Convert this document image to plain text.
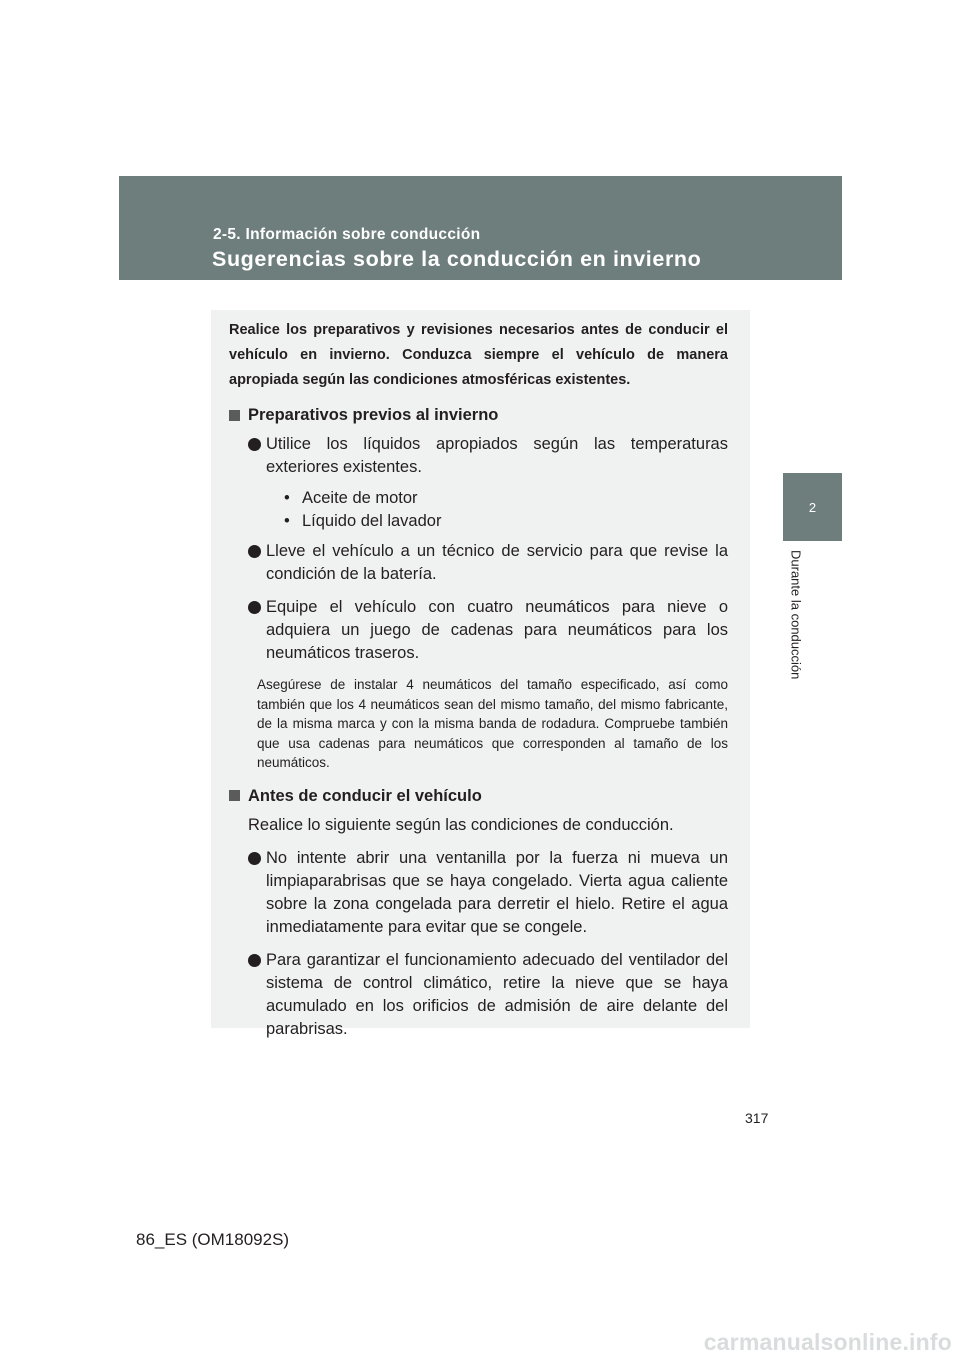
2-5. Información sobre conducción
Sugerencias sobre la conducción en invierno
2
Durante la conducción

Realice los preparativos y revisiones necesarios antes de conducir el vehículo en invierno. Conduzca siempre el vehículo de manera apropiada según las condiciones atmosféricas existentes.

Preparativos previos al invierno
Utilice los líquidos apropiados según las temperaturas exteriores existentes.
• Aceite de motor
• Líquido del lavador
Lleve el vehículo a un técnico de servicio para que revise la condición de la batería.
Equipe el vehículo con cuatro neumáticos para nieve o adquiera un juego de cadenas para neumáticos para los neumáticos traseros.

Asegúrese de instalar 4 neumáticos del tamaño especificado, así como también que los 4 neumáticos sean del mismo tamaño, del mismo fabricante, de la misma marca y con la misma banda de rodadura. Compruebe también que usa cadenas para neumáticos que corresponden al tamaño de los neumáticos.

Antes de conducir el vehículo

Realice lo siguiente según las condiciones de conducción.

No intente abrir una ventanilla por la fuerza ni mueva un limpiaparabrisas que se haya congelado. Vierta agua caliente sobre la zona congelada para derretir el hielo. Retire el agua inmediatamente para evitar que se congele.
Para garantizar el funcionamiento adecuado del ventilador del sistema de control climático, retire la nieve que se haya acumulado en los orificios de admisión de aire delante del parabrisas.
317
86_ES (OM18092S)
carmanualsonline.info
